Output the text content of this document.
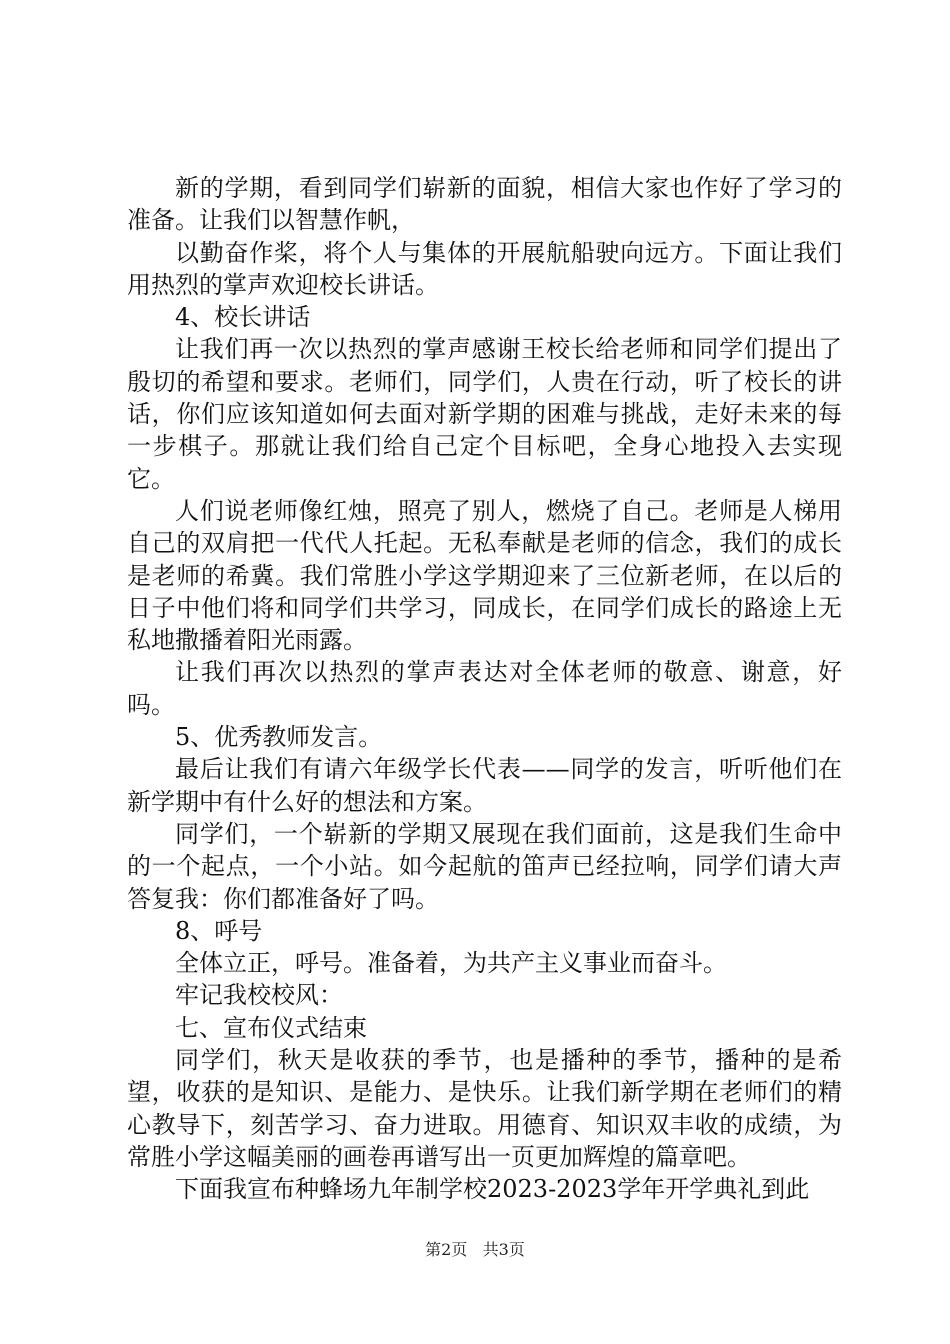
新的学期，看到同学们崭新的面貌，相信大家也作好了学习的准备。让我们以智慧作帆，

以勤奋作桨，将个人与集体的开展航船驶向远方。下面让我们用热烈的掌声欢迎校长讲话。

4、校长讲话

让我们再一次以热烈的掌声感谢王校长给老师和同学们提出了殷切的希望和要求。老师们，同学们，人贵在行动，听了校长的讲话，你们应该知道如何去面对新学期的困难与挑战，走好未来的每一步棋子。那就让我们给自己定个目标吧，全身心地投入去实现它。

人们说老师像红烛，照亮了别人，燃烧了自己。老师是人梯用自己的双肩把一代代人托起。无私奉献是老师的信念，我们的成长是老师的希冀。我们常胜小学这学期迎来了三位新老师，在以后的日子中他们将和同学们共学习，同成长，在同学们成长的路途上无私地撒播着阳光雨露。

让我们再次以热烈的掌声表达对全体老师的敬意、谢意，好吗。

5、优秀教师发言。

最后让我们有请六年级学长代表——同学的发言，听听他们在新学期中有什么好的想法和方案。

同学们，一个崭新的学期又展现在我们面前，这是我们生命中的一个起点，一个小站。如今起航的笛声已经拉响，同学们请大声答复我：你们都准备好了吗。

8、呼号

全体立正，呼号。准备着，为共产主义事业而奋斗。

牢记我校校风：

七、宣布仪式结束

同学们，秋天是收获的季节，也是播种的季节，播种的是希望，收获的是知识、是能力、是快乐。让我们新学期在老师们的精心教导下，刻苦学习、奋力进取。用德育、知识双丰收的成绩，为常胜小学这幅美丽的画卷再谱写出一页更加辉煌的篇章吧。

下面我宣布种蜂场九年制学校2023-2023学年开学典礼到此

第2页 共3页
